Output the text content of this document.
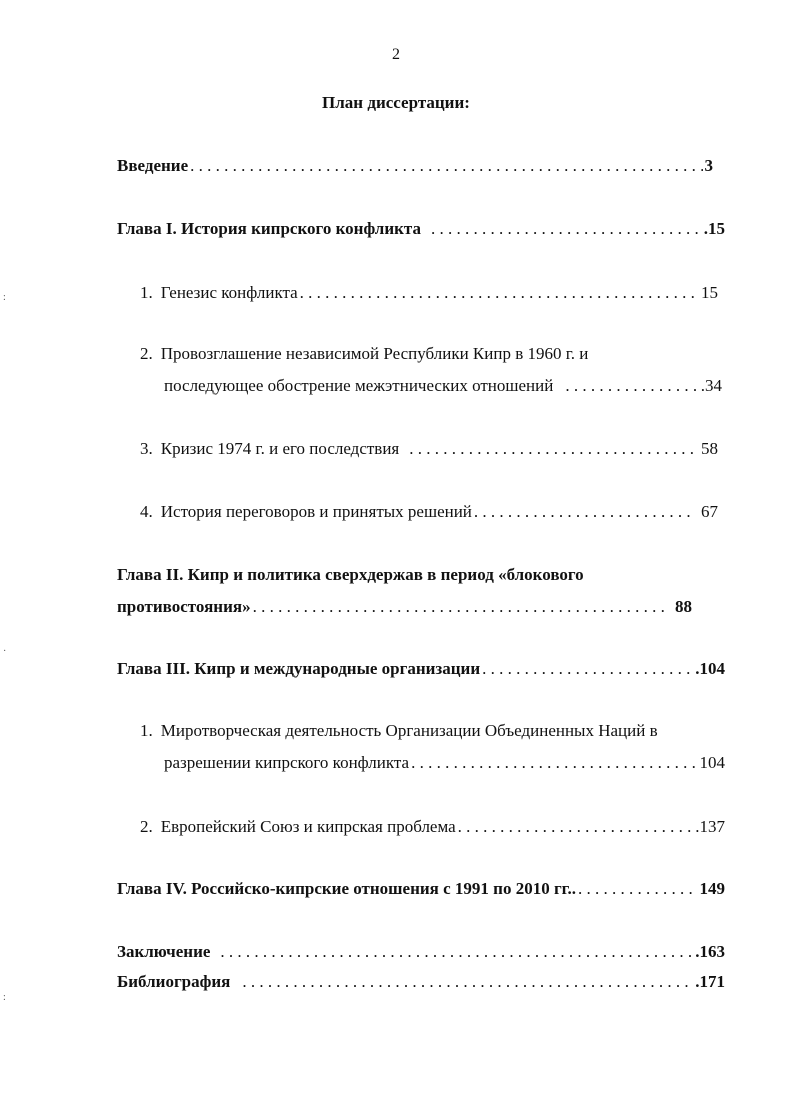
2
План диссертации:
Введение . . .	3
Глава I. История кипрского конфликта . . .	.15
1. Генезис конфликта . . .	15
2. Провозглашение независимой Республики Кипр в 1960 г. и
последующее обострение межэтнических отношений . . .	.34
3. Кризис 1974 г. и его последствия . . .	58
4. История переговоров и принятых решений . . .	67
Глава II. Кипр и политика сверхдержав в период «блокового
противостояния» . . .	88
Глава III. Кипр и международные организации . . .	.104
1. Миротворческая деятельность Организации Объединенных Наций в
разрешении кипрского конфликта . . .	104
2. Европейский Союз и кипрская проблема . . .	.137
Глава IV. Российско-кипрские отношения с 1991 по 2010 гг.. . . .	149
Заключение . . .	.163
Библиография . . .	.171
:
·
:
